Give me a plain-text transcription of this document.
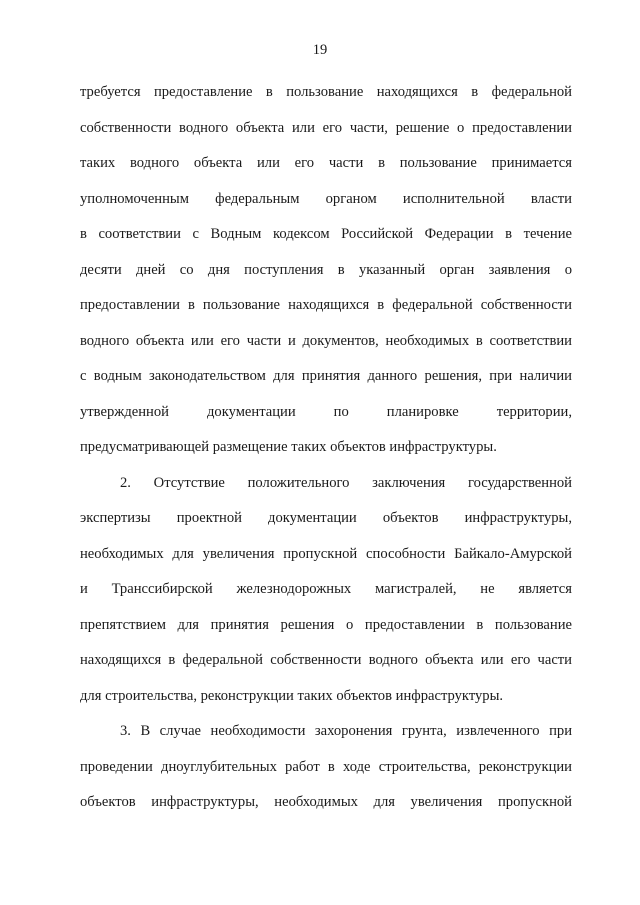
19
требуется предоставление в пользование находящихся в федеральной
собственности водного объекта или его части, решение о предоставлении
таких водного объекта или его части в пользование принимается
уполномоченным федеральным органом исполнительной власти
в соответствии с Водным кодексом Российской Федерации в течение
десяти дней со дня поступления в указанный орган заявления о
предоставлении в пользование находящихся в федеральной собственности
водного объекта или его части и документов, необходимых в соответствии
с водным законодательством для принятия данного решения, при наличии
утвержденной документации по планировке территории,
предусматривающей размещение таких объектов инфраструктуры.
2. Отсутствие положительного заключения государственной
экспертизы проектной документации объектов инфраструктуры,
необходимых для увеличения пропускной способности Байкало-Амурской
и Транссибирской железнодорожных магистралей, не является
препятствием для принятия решения о предоставлении в пользование
находящихся в федеральной собственности водного объекта или его части
для строительства, реконструкции таких объектов инфраструктуры.
3. В случае необходимости захоронения грунта, извлеченного при
проведении дноуглубительных работ в ходе строительства, реконструкции
объектов инфраструктуры, необходимых для увеличения пропускной
